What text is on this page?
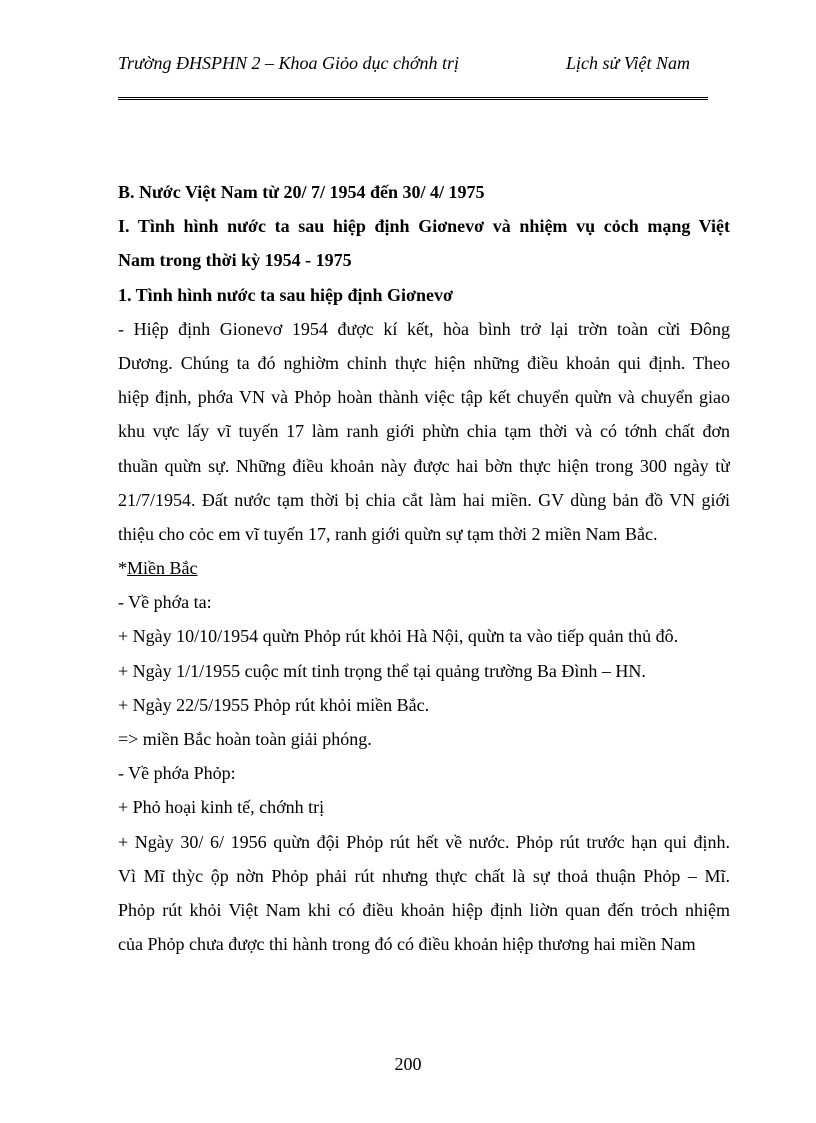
Trường ĐHSPHN 2 – Khoa Giỏo dục chớnh trị	Lịch sử Việt Nam
B. Nước Việt Nam từ 20/ 7/ 1954 đến 30/ 4/ 1975
I. Tình hình nước ta sau hiệp định Giơnevơ và nhiệm vụ cỏch mạng Việt
Nam trong thời kỳ 1954 - 1975
1. Tình hình nước ta sau hiệp định Giơnevơ
- Hiệp định Gionevơ 1954 được kí kết, hòa bình trở lại trờn toàn cừi Đông
Dương. Chúng ta đó nghiờm chỉnh thực hiện những điều khoản qui định. Theo
hiệp định, phớa VN và Phỏp hoàn thành việc tập kết chuyển quừn và chuyển giao
khu vực lấy vĩ tuyến 17 làm ranh giới phừn chia tạm thời và có tớnh chất đơn
thuần quừn sự. Những điều khoản này được hai bờn thực hiện trong 300 ngày từ
21/7/1954. Đất nước tạm thời bị chia cắt làm hai miền. GV dùng bản đồ VN giới
thiệu cho cỏc em vĩ tuyến 17, ranh giới quừn sự tạm thời 2 miền Nam Bắc.
*Miền Bắc
- Về phớa ta:
+ Ngày 10/10/1954 quừn Phỏp rút khỏi Hà Nội, quừn ta vào tiếp quản thủ đô.
+ Ngày 1/1/1955 cuộc mít tinh trọng thể tại quảng trường Ba Đình – HN.
+ Ngày 22/5/1955 Phỏp rút khỏi miền Bắc.
=> miền Bắc hoàn toàn giải phóng.
- Về phớa Phỏp:
+ Phỏ hoại kinh tế, chớnh trị
+ Ngày 30/ 6/ 1956 quừn đội Phỏp rút hết về nước. Phỏp rút trước hạn qui định.
Vì Mĩ thỳc ộp nờn Phỏp phải rút nhưng thực chất là sự thoả thuận Phỏp – Mĩ.
Phỏp rút khỏi Việt Nam khi có điều khoản hiệp định liờn quan đến trỏch nhiệm
của Phỏp chưa được thi hành trong đó có điều khoản hiệp thương hai miền Nam
200
